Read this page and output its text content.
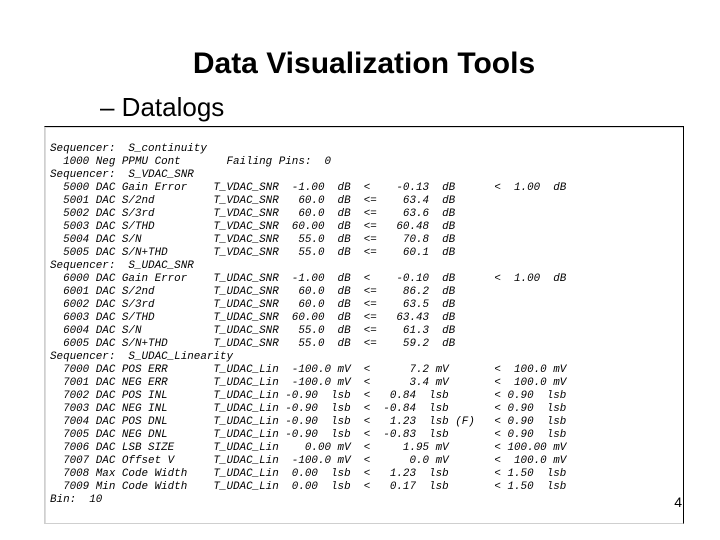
Data Visualization Tools
– Datalogs
Sequencer:  S_continuity
1000 Neg PPMU Cont       Failing Pins:  0
Sequencer:  S_VDAC_SNR
5000 DAC Gain Error    T_VDAC_SNR  -1.00  dB  <    -0.13  dB      <  1.00  dB
5001 DAC S/2nd         T_VDAC_SNR   60.0  dB  <=    63.4  dB
5002 DAC S/3rd         T_VDAC_SNR   60.0  dB  <=    63.6  dB
5003 DAC S/THD         T_VDAC_SNR  60.00  dB  <=   60.48  dB
5004 DAC S/N           T_VDAC_SNR   55.0  dB  <=    70.8  dB
5005 DAC S/N+THD       T_VDAC_SNR   55.0  dB  <=    60.1  dB
Sequencer:  S_UDAC_SNR
6000 DAC Gain Error    T_UDAC_SNR  -1.00  dB  <    -0.10  dB      <  1.00  dB
6001 DAC S/2nd         T_UDAC_SNR   60.0  dB  <=    86.2  dB
6002 DAC S/3rd         T_UDAC_SNR   60.0  dB  <=    63.5  dB
6003 DAC S/THD         T_UDAC_SNR  60.00  dB  <=   63.43  dB
6004 DAC S/N           T_UDAC_SNR   55.0  dB  <=    61.3  dB
6005 DAC S/N+THD       T_UDAC_SNR   55.0  dB  <=    59.2  dB
Sequencer:  S_UDAC_Linearity
7000 DAC POS ERR       T_UDAC_Lin  -100.0 mV  <      7.2 mV       <  100.0 mV
7001 DAC NEG ERR       T_UDAC_Lin  -100.0 mV  <      3.4 mV       <  100.0 mV
7002 DAC POS INL       T_UDAC_Lin -0.90  lsb  <   0.84  lsb       < 0.90  lsb
7003 DAC NEG INL       T_UDAC_Lin -0.90  lsb  <  -0.84  lsb       < 0.90  lsb
7004 DAC POS DNL       T_UDAC_Lin -0.90  lsb  <   1.23  lsb (F)   < 0.90  lsb
7005 DAC NEG DNL       T_UDAC_Lin -0.90  lsb  <  -0.83  lsb       < 0.90  lsb
7006 DAC LSB SIZE      T_UDAC_Lin    0.00 mV  <     1.95 mV       < 100.00 mV
7007 DAC Offset V      T_UDAC_Lin  -100.0 mV  <      0.0 mV       <  100.0 mV
7008 Max Code Width    T_UDAC_Lin  0.00  lsb  <   1.23  lsb       < 1.50  lsb
7009 Min Code Width    T_UDAC_Lin  0.00  lsb  <   0.17  lsb       < 1.50  lsb
Bin:  10	4
